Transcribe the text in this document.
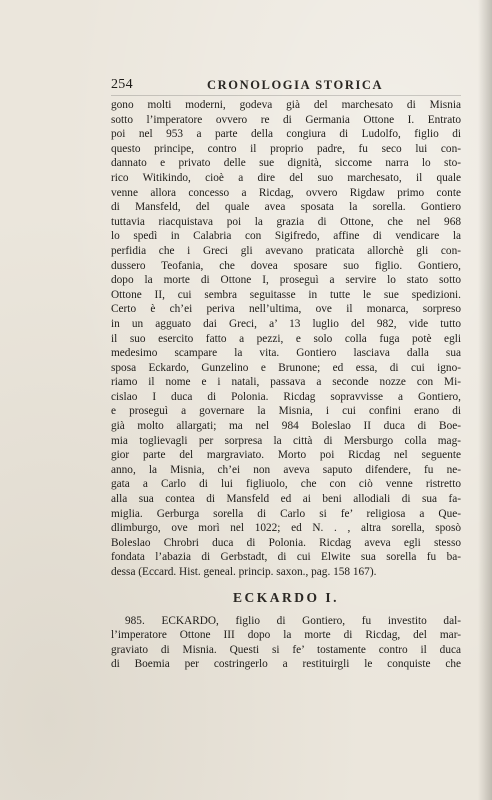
254	CRONOLOGIA STORICA

gono molti moderni, godeva già del marchesato di Misnia
sotto l’imperatore ovvero re di Germania Ottone I. Entrato
poi nel 953 a parte della congiura di Ludolfo, figlio di
questo principe, contro il proprio padre, fu seco lui con-
dannato e privato delle sue dignità, siccome narra lo sto-
rico Witikindo, cioè a dire del suo marchesato, il quale
venne allora concesso a Ricdag, ovvero Rigdaw primo conte
di Mansfeld, del quale avea sposata la sorella. Gontiero
tuttavia riacquistava poi la grazia di Ottone, che nel 968
lo spedì in Calabria con Sigifredo, affine di vendicare la
perfidia che i Greci gli avevano praticata allorchè gli con-
dussero Teofania, che dovea sposare suo figlio. Gontiero,
dopo la morte di Ottone I, proseguì a servire lo stato sotto
Ottone II, cui sembra seguitasse in tutte le sue spedizioni.
Certo è ch’ei periva nell’ultima, ove il monarca, sorpreso
in un agguato dai Greci, a’ 13 luglio del 982, vide tutto
il suo esercito fatto a pezzi, e solo colla fuga potè egli
medesimo scampare la vita. Gontiero lasciava dalla sua
sposa Eckardo, Gunzelino e Brunone; ed essa, di cui igno-
riamo il nome e i natali, passava a seconde nozze con Mi-
cislao I duca di Polonia. Ricdag sopravvisse a Gontiero,
e proseguì a governare la Misnia, i cui confini erano di
già molto allargati; ma nel 984 Boleslao II duca di Boe-
mia toglievagli per sorpresa la città di Mersburgo colla mag-
gior parte del margraviato. Morto poi Ricdag nel seguente
anno, la Misnia, ch’ei non aveva saputo difendere, fu ne-
gata a Carlo di lui figliuolo, che con ciò venne ristretto
alla sua contea di Mansfeld ed ai beni allodiali di sua fa-
miglia. Gerburga sorella di Carlo si fe’ religiosa a Que-
dlimburgo, ove morì nel 1022; ed N. . , altra sorella, sposò
Boleslao Chrobri duca di Polonia. Ricdag aveva egli stesso
fondata l’abazia di Gerbstadt, di cui Elwite sua sorella fu ba-
dessa (Eccard. Hist. geneal. princip. saxon., pag. 158 167).

ECKARDO I.

985. ECKARDO, figlio di Gontiero, fu investito dal-
l’imperatore Ottone III dopo la morte di Ricdag, del mar-
graviato di Misnia. Questi si fe’ tostamente contro il duca
di Boemia per costringerlo a restituirgli le conquiste che
